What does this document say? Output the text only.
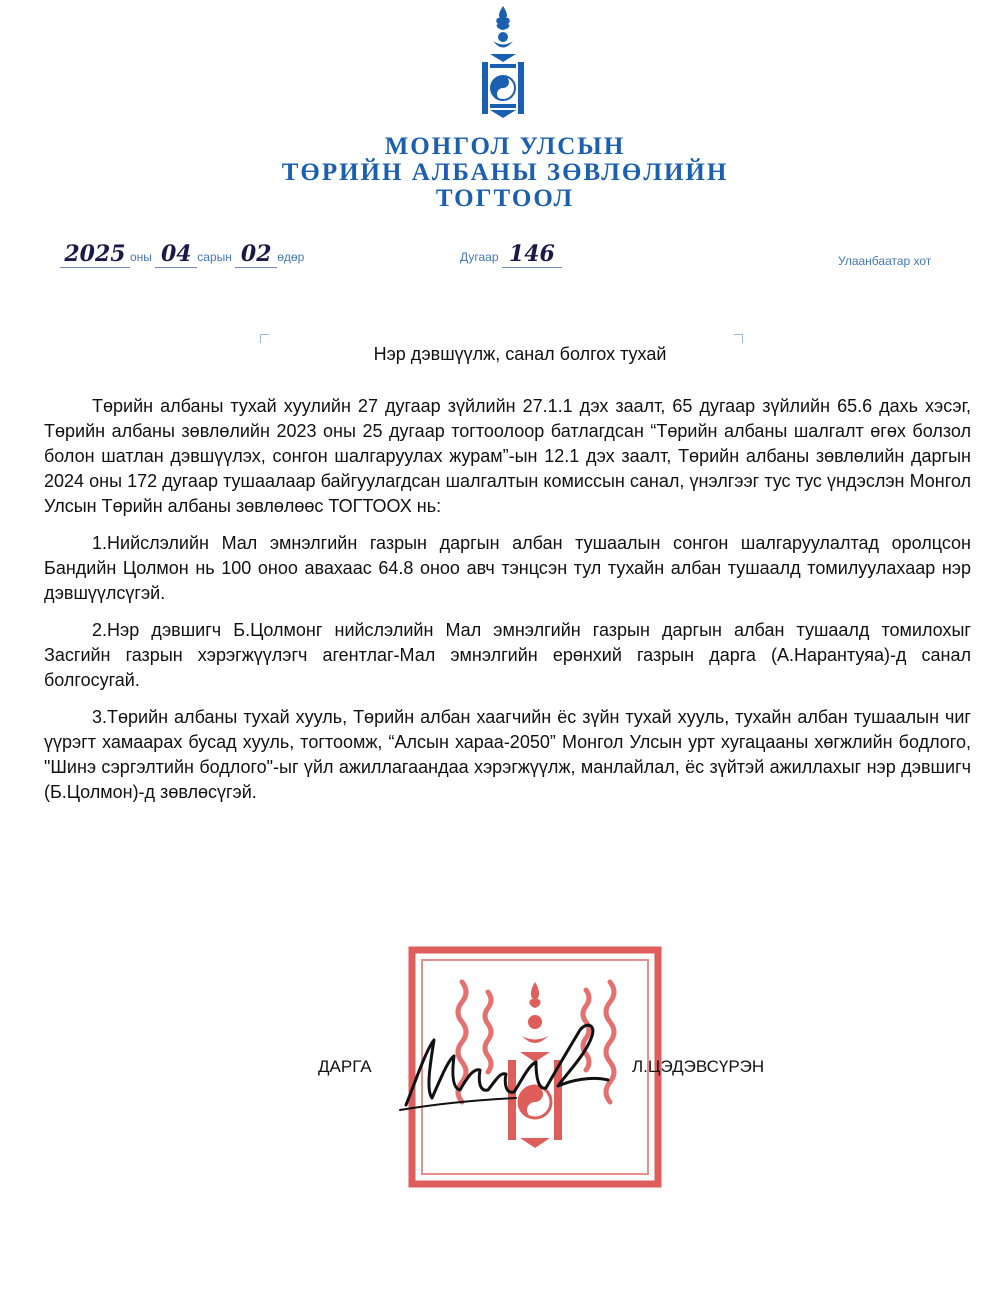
МОНГОЛ УЛСЫН
ТӨРИЙН АЛБАНЫ ЗӨВЛӨЛИЙН
ТОГТООЛ
2025 оны 04 сарын 02 өдөр	Дугаар 146	Улаанбаатар хот
Нэр дэвшүүлж, санал болгох тухай

Төрийн албаны тухай хуулийн 27 дугаар зүйлийн 27.1.1 дэх заалт, 65 дугаар зүйлийн 65.6 дахь хэсэг, Төрийн албаны зөвлөлийн 2023 оны 25 дугаар тогтоолоор батлагдсан “Төрийн албаны шалгалт өгөх болзол болон шатлан дэвшүүлэх, сонгон шалгаруулах журам”-ын 12.1 дэх заалт, Төрийн албаны зөвлөлийн даргын 2024 оны 172 дугаар тушаалаар байгуулагдсан шалгалтын комиссын санал, үнэлгээг тус тус үндэслэн Монгол Улсын Төрийн албаны зөвлөлөөс ТОГТООХ нь:

1.Нийслэлийн Мал эмнэлгийн газрын даргын албан тушаалын сонгон шалгаруулалтад оролцсон Бандийн Цолмон нь 100 оноо авахаас 64.8 оноо авч тэнцсэн тул тухайн албан тушаалд томилуулахаар нэр дэвшүүлсүгэй.

2.Нэр дэвшигч Б.Цолмонг нийслэлийн Мал эмнэлгийн газрын даргын албан тушаалд томилохыг Засгийн газрын хэрэгжүүлэгч агентлаг-Мал эмнэлгийн ерөнхий газрын дарга (А.Нарантуяа)-д санал болгосугай.

3.Төрийн албаны тухай хууль, Төрийн албан хаагчийн ёс зүйн тухай хууль, тухайн албан тушаалын чиг үүрэгт хамаарах бусад хууль, тогтоомж, “Алсын хараа-2050” Монгол Улсын урт хугацааны хөгжлийн бодлого, "Шинэ сэргэлтийн бодлого"-ыг үйл ажиллагаандаа хэрэгжүүлж, манлайлал, ёс зүйтэй ажиллахыг нэр дэвшигч (Б.Цолмон)-д зөвлөсүгэй.

ДАРГА	Л.ЦЭДЭВСҮРЭН
